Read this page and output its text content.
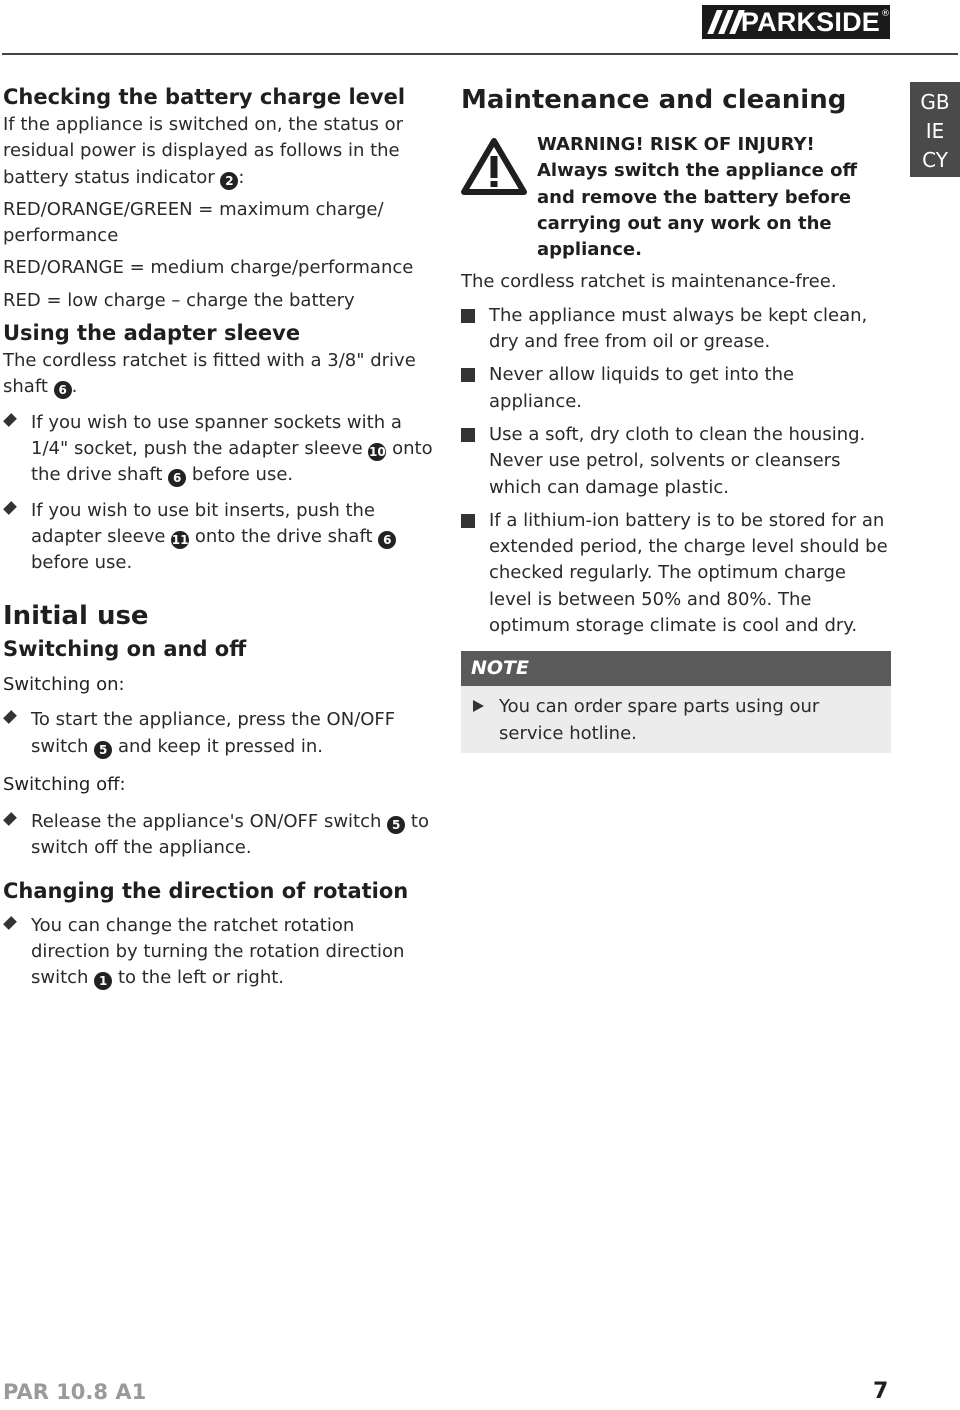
PARKSIDE ®
Checking the battery charge level

If the appliance is switched on, the status or residual power is displayed as follows in the battery status indicator 2 :

RED/ORANGE/GREEN = maximum charge/ performance

RED/ORANGE = medium charge/performance

RED = low charge – charge the battery

Using the adapter sleeve

The cordless ratchet is fitted with a 3/8" drive shaft 6 .

If you wish to use spanner sockets with a 1/4" socket, push the adapter sleeve 10 onto the drive shaft 6 before use.
If you wish to use bit inserts, push the adapter sleeve 11 onto the drive shaft 6 before use.
Initial use
Switching on and off
Switching on:
To start the appliance, press the ON/OFF switch 5 and keep it pressed in.
Switching off:
Release the appliance's ON/OFF switch 5 to switch off the appliance.
Changing the direction of rotation
You can change the ratchet rotation direction by turning the rotation direction switch 1 to the left or right.
Maintenance and cleaning
WARNING! RISK OF INJURY! Always switch the appliance off and remove the battery before carrying out any work on the appliance.

The cordless ratchet is maintenance-free.

The appliance must always be kept clean, dry and free from oil or grease.
Never allow liquids to get into the appliance.
Use a soft, dry cloth to clean the housing. Never use petrol, solvents or cleansers which can damage plastic.
If a lithium-ion battery is to be stored for an extended period, the charge level should be checked regularly. The optimum charge level is between 50% and 80%. The optimum storage climate is cool and dry.
NOTE
You can order spare parts using our service hotline.
GB
IE
CY
PAR 10.8 A1	7
